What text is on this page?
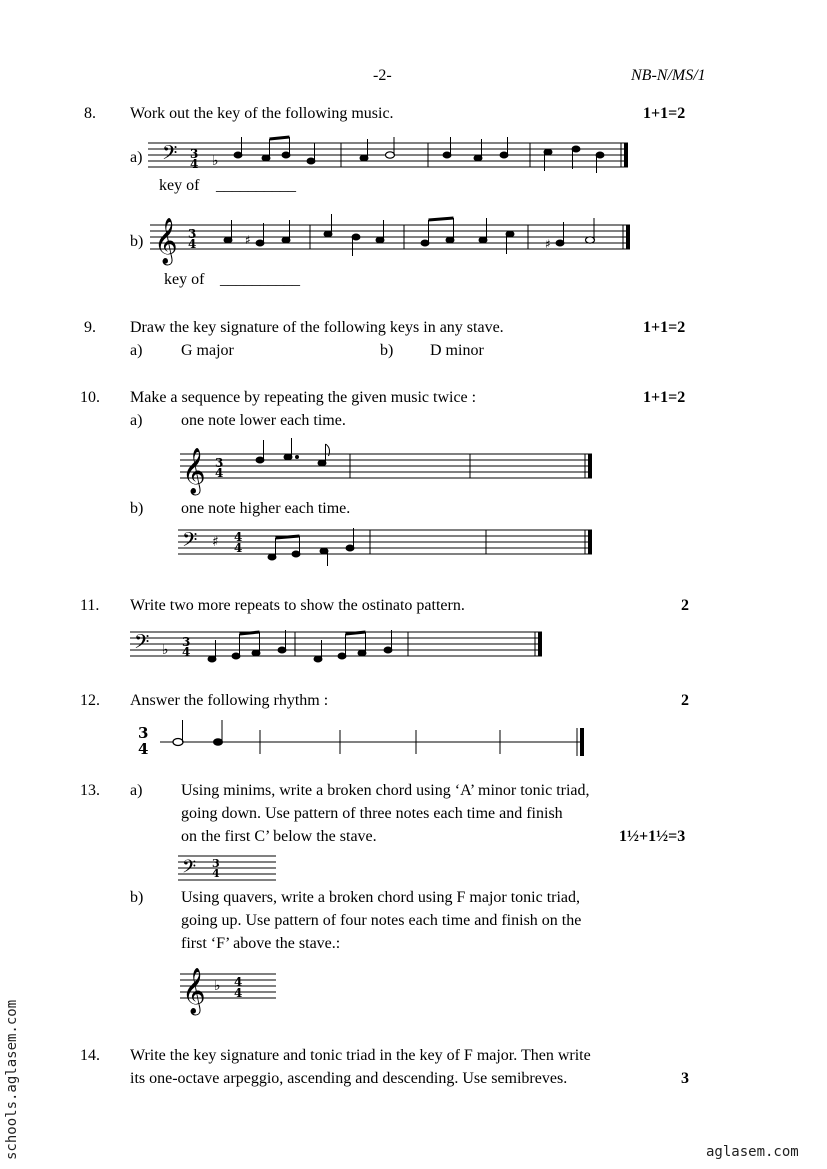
-2-	NB-N/MS/1
8. Work out the key of the following music.	1+1=2
a)
key of __________
b)
key of __________
𝄢 3
4 ♭
𝄞 3
4	♯	♯
9. Draw the key signature of the following keys in any stave.	1+1=2
a) G major	b) D minor
10. Make a sequence by repeating the given music twice :	1+1=2
a) one note lower each time.
𝄞 3
4
b) one note higher each time.
𝄢 ♯ 4
4
11. Write two more repeats to show the ostinato pattern.	2
𝄢 ♭ 3
4
12. Answer the following rhythm :	2
3
4
13. a) Using minims, write a broken chord using ‘A’ minor tonic triad,
going down. Use pattern of three notes each time and finish
on the first C’ below the stave.	1½+1½=3
𝄢 3
4
b) Using quavers, write a broken chord using F major tonic triad,
going up. Use pattern of four notes each time and finish on the
first ‘F’ above the stave.:
𝄞 ♭ 4
4
14. Write the key signature and tonic triad in the key of F major. Then write
its one-octave arpeggio, ascending and descending. Use semibreves.	3
schools.aglasem.com	aglasem.com
